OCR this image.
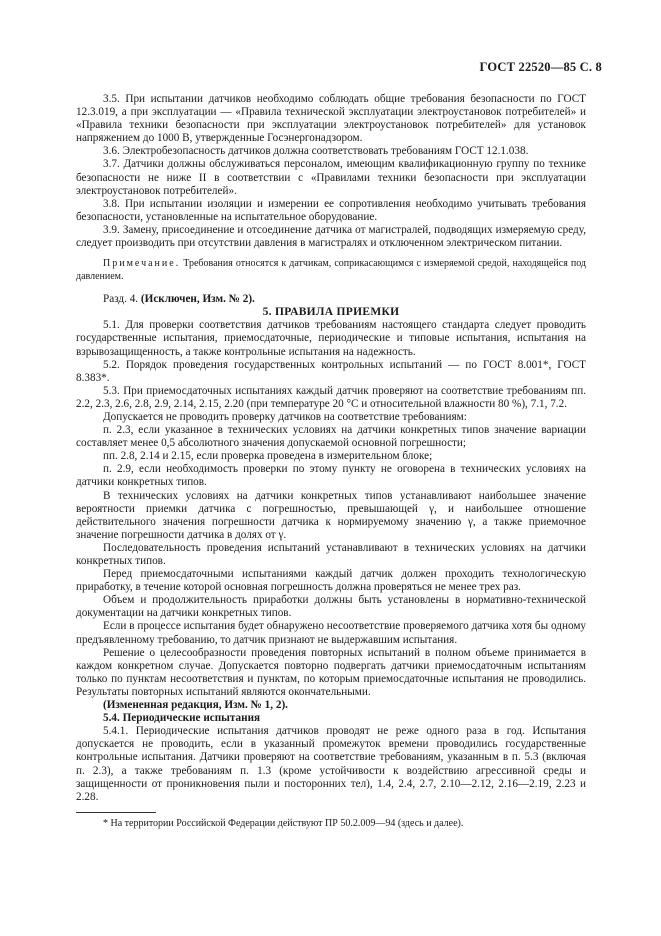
ГОСТ 22520—85 С. 8

3.5. При испытании датчиков необходимо соблюдать общие требования безопасности по ГОСТ 12.3.019, а при эксплуатации — «Правила технической эксплуатации электроустановок потребителей» и «Правила техники безопасности при эксплуатации электроустановок потребителей» для установок напряжением до 1000 В, утвержденные Госэнергонадзором.

3.6. Электробезопасность датчиков должна соответствовать требованиям ГОСТ 12.1.038.

3.7. Датчики должны обслуживаться персоналом, имеющим квалификационную группу по технике безопасности не ниже II в соответствии с «Правилами техники безопасности при эксплуатации электроустановок потребителей».

3.8. При испытании изоляции и измерении ее сопротивления необходимо учитывать требования безопасности, установленные на испытательное оборудование.

3.9. Замену, присоединение и отсоединение датчика от магистралей, подводящих измеряемую среду, следует производить при отсутствии давления в магистралях и отключенном электрическом питании.

Примечание. Требования относятся к датчикам, соприкасающимся с измеряемой средой, находящейся под давлением.

Разд. 4. (Исключен, Изм. № 2).

5. ПРАВИЛА ПРИЕМКИ

5.1. Для проверки соответствия датчиков требованиям настоящего стандарта следует проводить государственные испытания, приемосдаточные, периодические и типовые испытания, испытания на взрывозащищенность, а также контрольные испытания на надежность.

5.2. Порядок проведения государственных контрольных испытаний — по ГОСТ 8.001*, ГОСТ 8.383*.

5.3. При приемосдаточных испытаниях каждый датчик проверяют на соответствие требованиям пп. 2.2, 2.3, 2.6, 2.8, 2.9, 2.14, 2.15, 2.20 (при температуре 20 °С и относительной влажности 80 %), 7.1, 7.2.

Допускается не проводить проверку датчиков на соответствие требованиям:

п. 2.3, если указанное в технических условиях на датчики конкретных типов значение вариации составляет менее 0,5 абсолютного значения допускаемой основной погрешности;

пп. 2.8, 2.14 и 2.15, если проверка проведена в измерительном блоке;

п. 2.9, если необходимость проверки по этому пункту не оговорена в технических условиях на датчики конкретных типов.

В технических условиях на датчики конкретных типов устанавливают наибольшее значение вероятности приемки датчика с погрешностью, превышающей γ, и наибольшее отношение действительного значения погрешности датчика к нормируемому значению γ, а также приемочное значение погрешности датчика в долях от γ.

Последовательность проведения испытаний устанавливают в технических условиях на датчики конкретных типов.

Перед приемосдаточными испытаниями каждый датчик должен проходить технологическую приработку, в течение которой основная погрешность должна проверяться не менее трех раз.

Объем и продолжительность приработки должны быть установлены в нормативно-технической документации на датчики конкретных типов.

Если в процессе испытания будет обнаружено несоответствие проверяемого датчика хотя бы одному предъявленному требованию, то датчик признают не выдержавшим испытания.

Решение о целесообразности проведения повторных испытаний в полном объеме принимается в каждом конкретном случае. Допускается повторно подвергать датчики приемосдаточным испытаниям только по пунктам несоответствия и пунктам, по которым приемосдаточные испытания не проводились. Результаты повторных испытаний являются окончательными.

(Измененная редакция, Изм. № 1, 2).

5.4. Периодические испытания

5.4.1. Периодические испытания датчиков проводят не реже одного раза в год. Испытания допускается не проводить, если в указанный промежуток времени проводились государственные контрольные испытания. Датчики проверяют на соответствие требованиям, указанным в п. 5.3 (включая п. 2.3), а также требованиям п. 1.3 (кроме устойчивости к воздействию агрессивной среды и защищенности от проникновения пыли и посторонних тел), 1.4, 2.4, 2.7, 2.10—2.12, 2.16—2.19, 2.23 и 2.28.

* На территории Российской Федерации действуют ПР 50.2.009—94 (здесь и далее).
